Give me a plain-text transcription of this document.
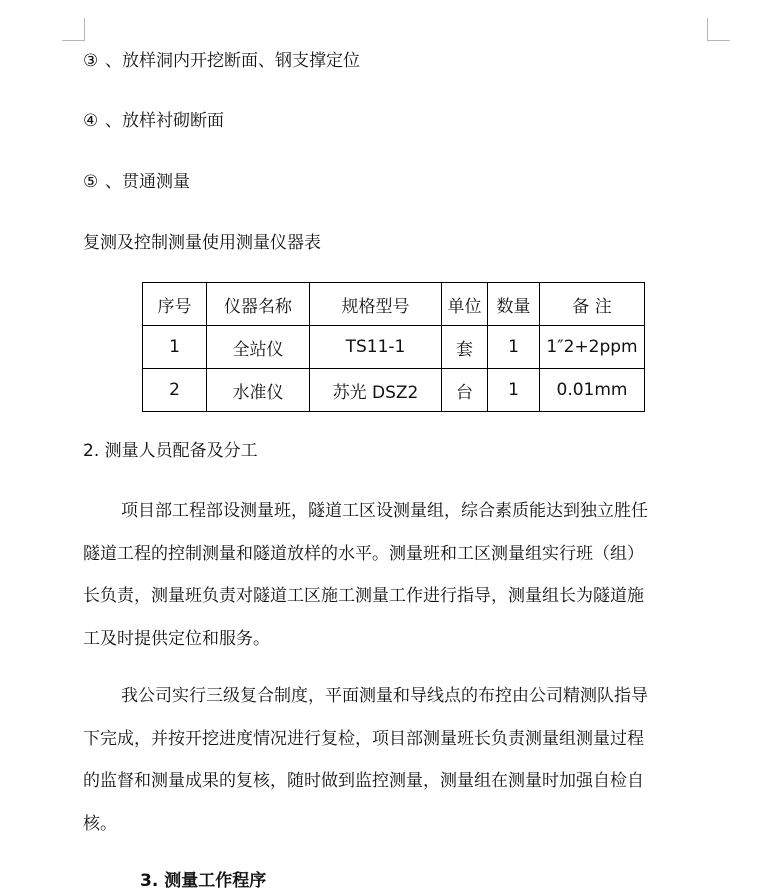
③ 、放样洞内开挖断面、钢支撑定位
④ 、放样衬砌断面
⑤ 、贯通测量
复测及控制测量使用测量仪器表
序号	仪器名称	规格型号	单位	数量	备 注
1	全站仪	TS11-1	套	1	1″2+2ppm
2	水准仪	苏光 DSZ2	台	1	0.01mm
2. 测量人员配备及分工
项目部工程部设测量班，隧道工区设测量组，综合素质能达到独立胜任
隧道工程的控制测量和隧道放样的水平。测量班和工区测量组实行班（组）
长负责，测量班负责对隧道工区施工测量工作进行指导，测量组长为隧道施
工及时提供定位和服务。
我公司实行三级复合制度，平面测量和导线点的布控由公司精测队指导
下完成，并按开挖进度情况进行复检，项目部测量班长负责测量组测量过程
的监督和测量成果的复核，随时做到监控测量，测量组在测量时加强自检自
核。
3. 测量工作程序
